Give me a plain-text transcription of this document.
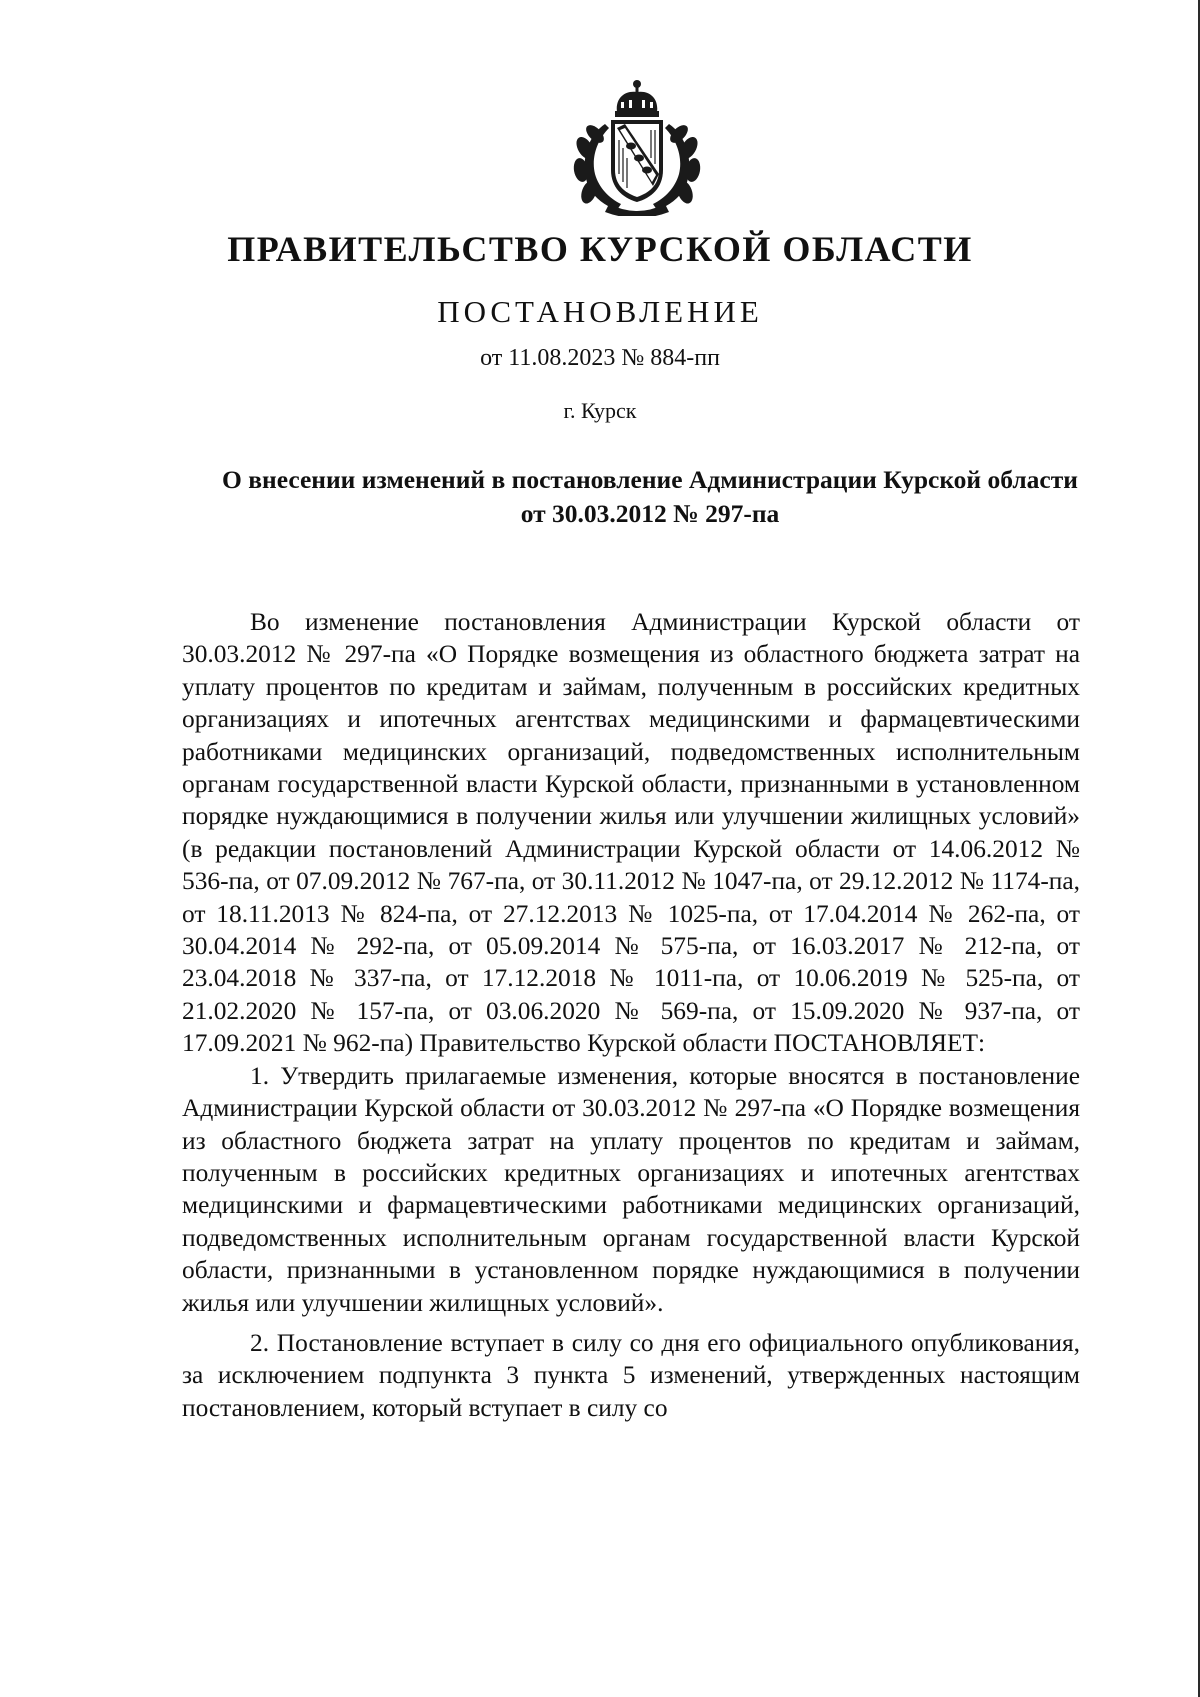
ПРАВИТЕЛЬСТВО КУРСКОЙ ОБЛАСТИ
ПОСТАНОВЛЕНИЕ
от 11.08.2023 № 884-пп
г. Курск
О внесении изменений в постановление Администрации Курской области от 30.03.2012 № 297-па

Во изменение постановления Администрации Курской области от 30.03.2012 № 297-па «О Порядке возмещения из областного бюджета затрат на уплату процентов по кредитам и займам, полученным в российских кредитных организациях и ипотечных агентствах медицинскими и фармацевтическими работниками медицинских организаций, подведомственных исполнительным органам государственной власти Курской области, признанными в установленном порядке нуждающимися в получении жилья или улучшении жилищных условий» (в редакции постановлений Администрации Курской области от 14.06.2012 № 536-па, от 07.09.2012 № 767-па, от 30.11.2012 № 1047-па, от 29.12.2012 № 1174-па, от 18.11.2013 № 824-па, от 27.12.2013 № 1025-па, от 17.04.2014 № 262-па, от 30.04.2014 № 292-па, от 05.09.2014 № 575-па, от 16.03.2017 № 212-па, от 23.04.2018 № 337-па, от 17.12.2018 № 1011-па, от 10.06.2019 № 525-па, от 21.02.2020 № 157-па, от 03.06.2020 № 569-па, от 15.09.2020 № 937-па, от 17.09.2021 № 962-па) Правительство Курской области ПОСТАНОВЛЯЕТ:

1. Утвердить прилагаемые изменения, которые вносятся в постановление Администрации Курской области от 30.03.2012 № 297-па «О Порядке возмещения из областного бюджета затрат на уплату процентов по кредитам и займам, полученным в российских кредитных организациях и ипотечных агентствах медицинскими и фармацевтическими работниками медицинских организаций, подведомственных исполнительным органам государственной власти Курской области, признанными в установленном порядке нуждающимися в получении жилья или улучшении жилищных условий».

2. Постановление вступает в силу со дня его официального опубликования, за исключением подпункта 3 пункта 5 изменений, утвержденных настоящим постановлением, который вступает в силу со
